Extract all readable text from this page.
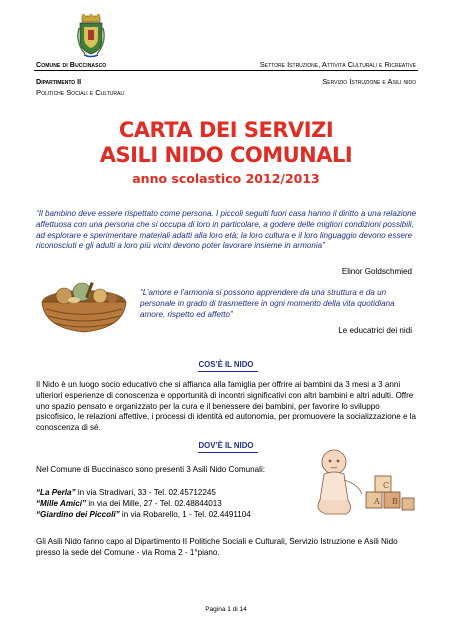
Comune di Buccinasco	Settore Istruzione, Attività Culturali e Ricreative
Dipartimento II
Politiche Sociali e Culturali
Servizio Istruzione e Asili nido
CARTA DEI SERVIZI
ASILI NIDO COMUNALI
anno scolastico 2012/2013
“Il bambino deve essere rispettato come persona. I piccoli seguiti fuori casa hanno il diritto a una relazione affettuosa con una persona che si occupa di loro in particolare, a godere delle migliori condizioni possibili, ad esplorare e sperimentare materiali adatti alla loro età; la loro cultura e il loro linguaggio devono essere riconosciuti e gli adulti a loro più vicini devono poter lavorare insieme in armonia”
Elinor Goldschmied
“L’amore e l’armonia si possono apprendere da una struttura e da un personale in grado di trasmettere in ogni momento della vita quotidiana amore, rispetto ed affetto”
Le educatrici dei nidi
COS’È IL NIDO
Il Nido è un luogo socio educativo che si affianca alla famiglia per offrire ai bambini da 3 mesi a 3 anni ulteriori esperienze di conoscenza e opportunità di incontri significativi con altri bambini e altri adulti. Offre uno spazio pensato e organizzato per la cura e il benessere dei bambini, per favorire lo sviluppo psicofisico, le relazioni affettive, i processi di identità ed autonomia, per promuovere la socializzazione e la conoscenza di sé.
DOV’È IL NIDO
Nel Comune di Buccinasco sono presenti 3 Asili Nido Comunali:
“La Perla” in via Stradivari, 33 - Tel. 02.45712245
“Mille Amici” in via dei Mille, 27 - Tel. 02.48844013
“Giardino dei Piccoli” in via Robarello, 1 - Tel. 02.4491104
A B
C
Gli Asili Nido fanno capo al Dipartimento II Politiche Sociali e Culturali, Servizio Istruzione e Asili Nido presso la sede del Comune - via Roma 2 - 1°piano.
Pagina 1 di 14
